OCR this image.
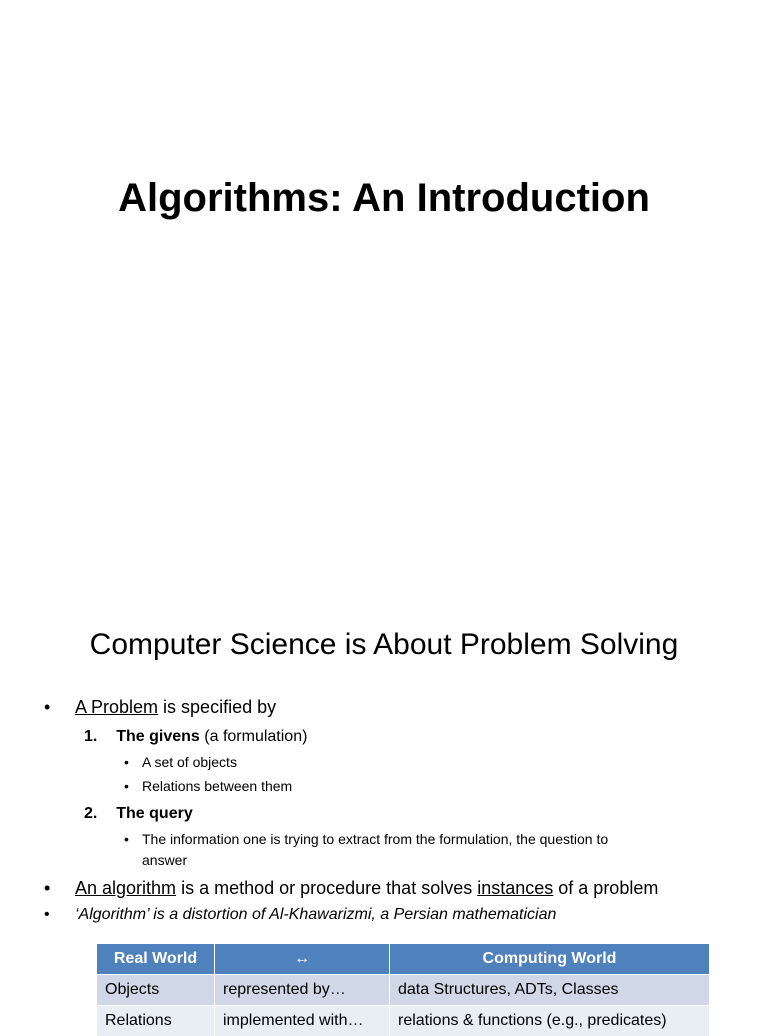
Algorithms: An Introduction
Computer Science is About Problem Solving
• A Problem is specified by
1. The givens (a formulation)
• A set of objects
• Relations between them
2. The query
• The information one is trying to extract from the formulation, the question to
answer
• An algorithm is a method or procedure that solves instances of a problem
• ‘Algorithm’ is a distortion of Al-Khawarizmi, a Persian mathematician
Real World	↔	Computing World
Objects	represented by…	data Structures, ADTs, Classes
Relations	implemented with…	relations & functions (e.g., predicates)
